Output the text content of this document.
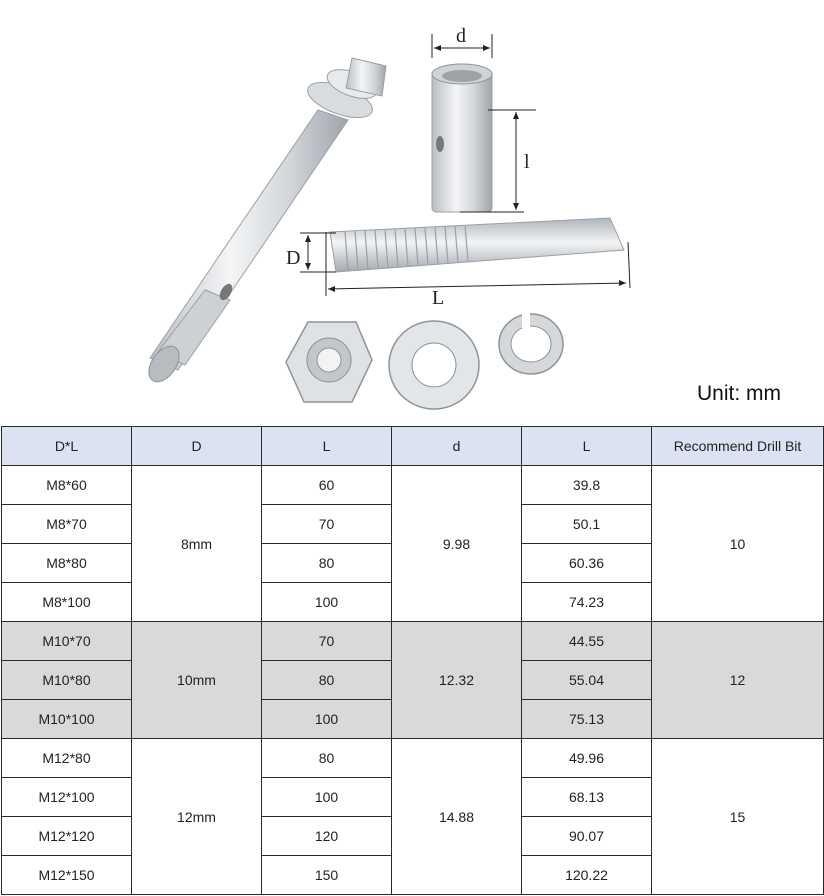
d
l
D
L
Unit: mm
D*L	D	L	d	L	Recommend Drill Bit
M8*60	8mm	60	9.98	39.8	10
M8*70		70		50.1	
M8*80		80		60.36	
M8*100		100		74.23	
M10*70	10mm	70	12.32	44.55	12
M10*80		80		55.04	
M10*100		100		75.13	
M12*80	12mm	80	14.88	49.96	15
M12*100		100		68.13	
M12*120		120		90.07	
M12*150		150		120.22	
